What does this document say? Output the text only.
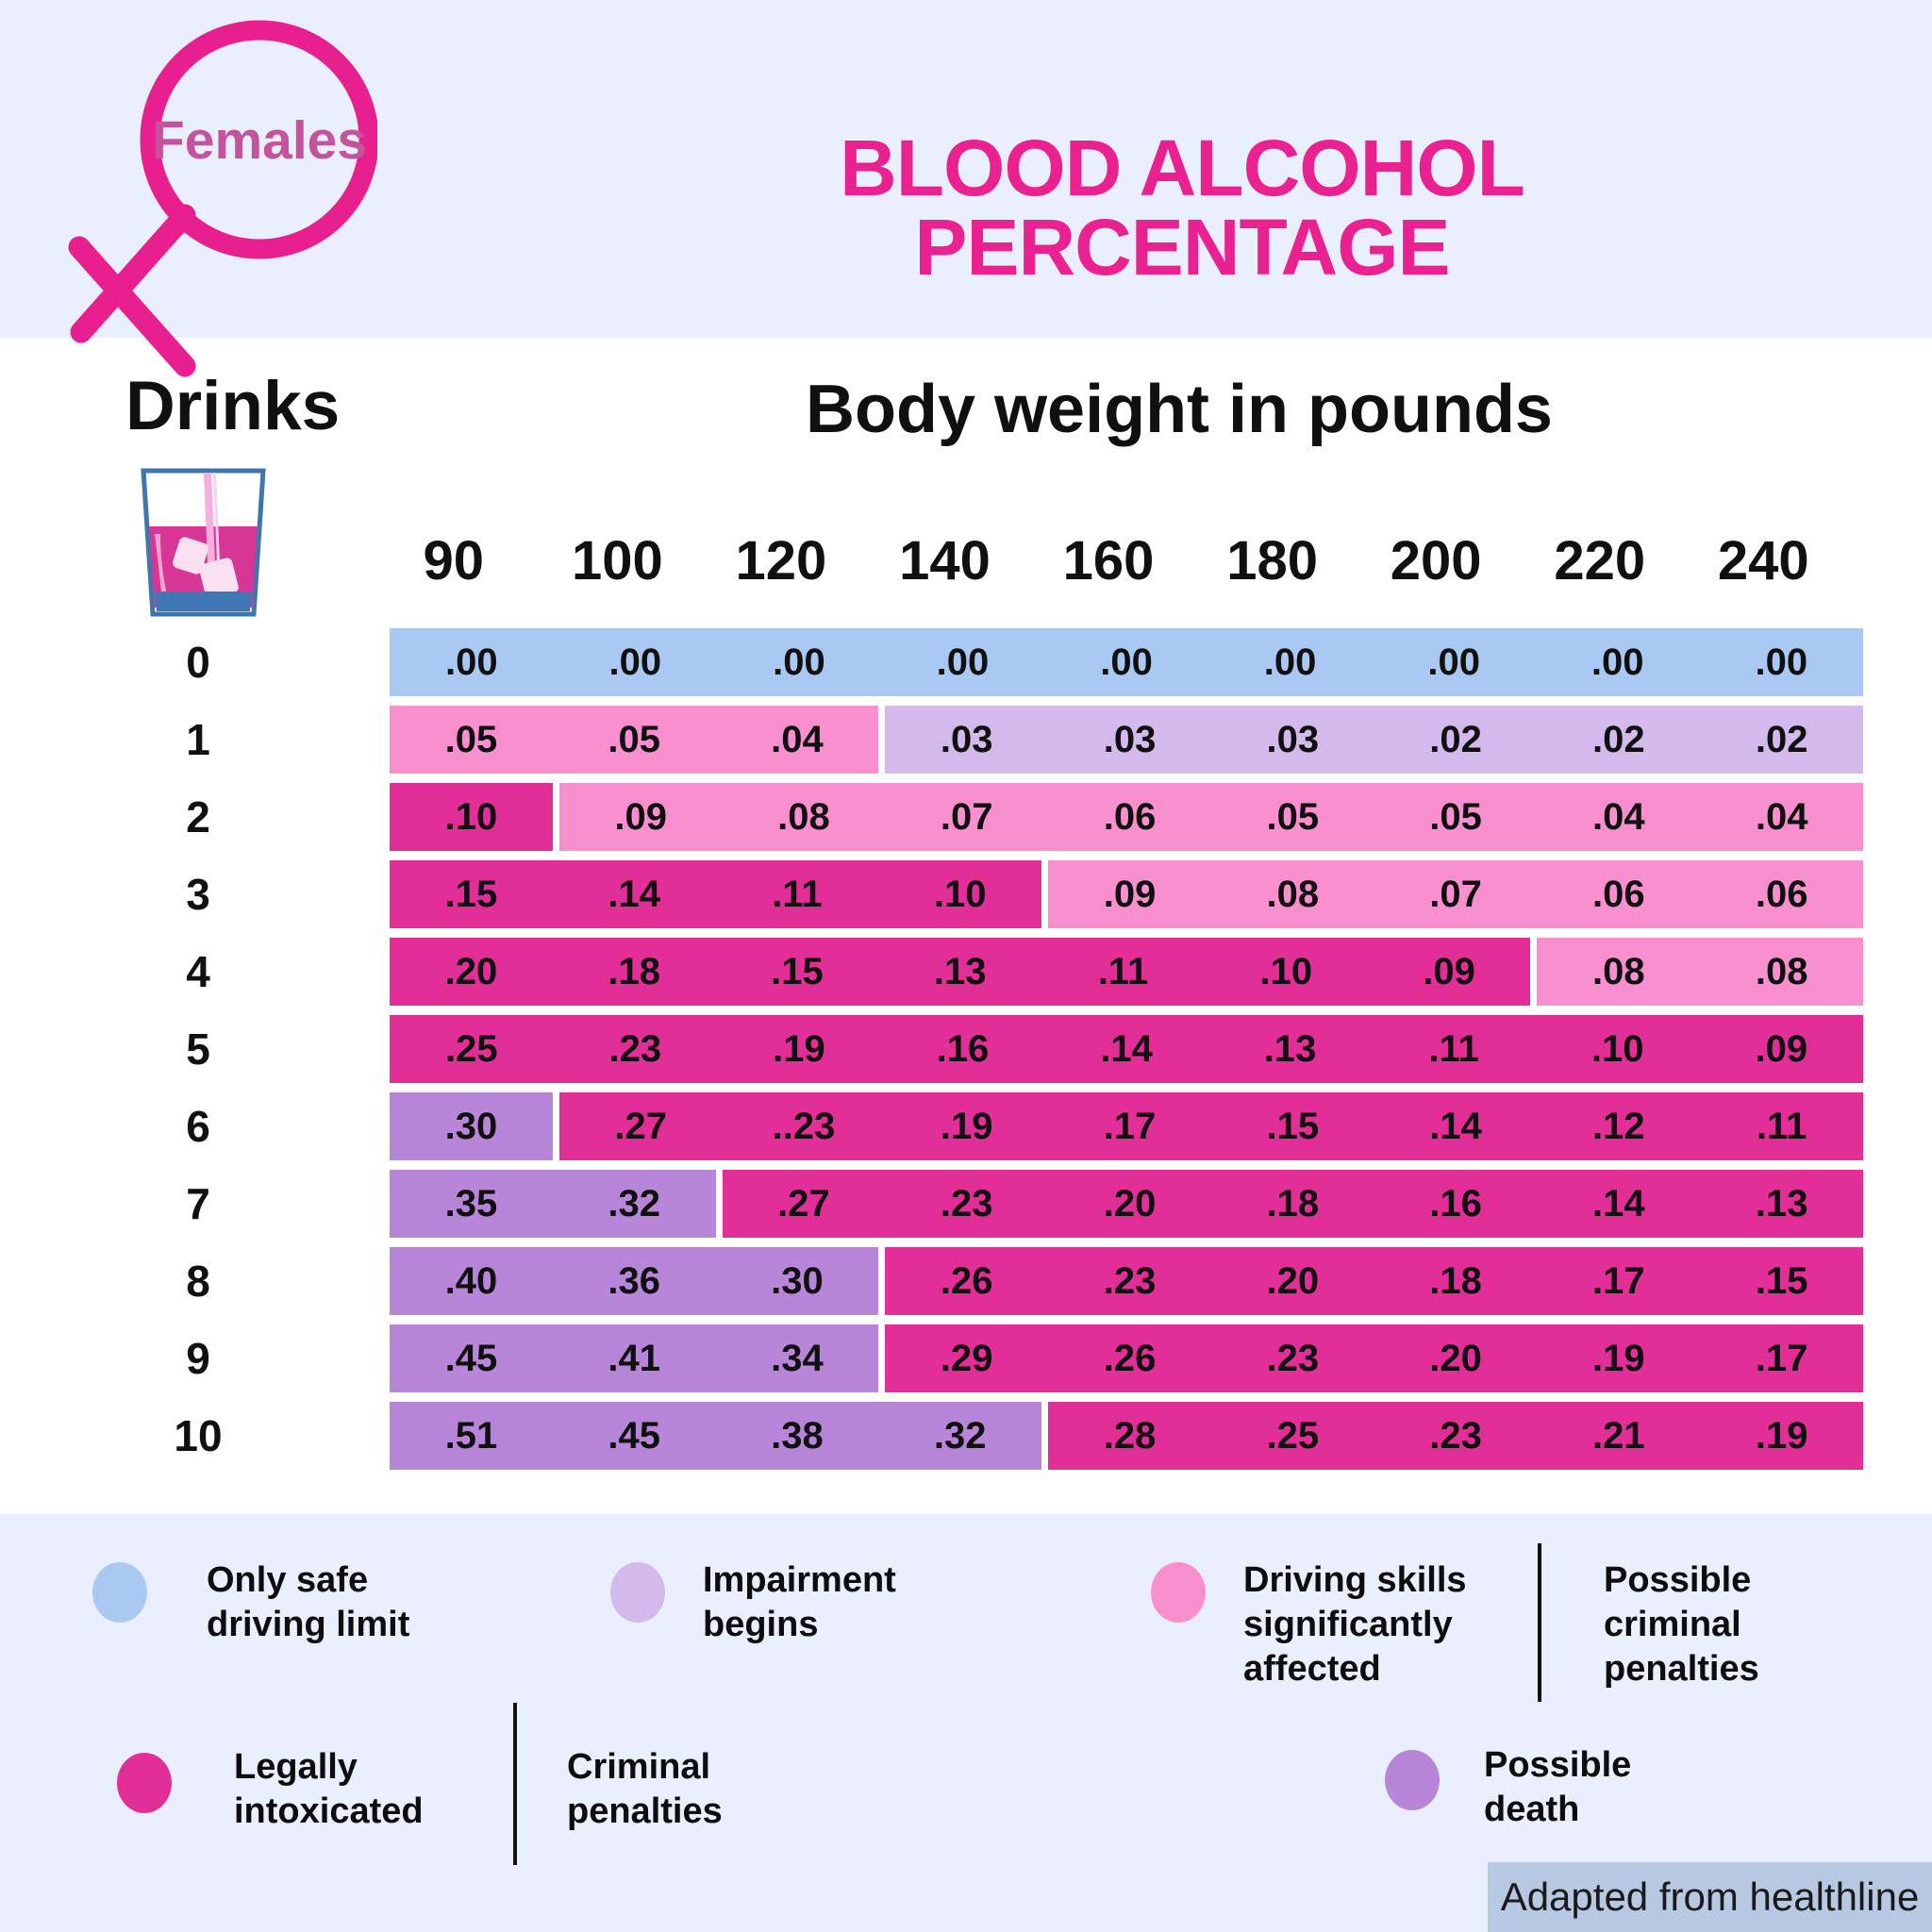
Females	BLOOD ALCOHOL PERCENTAGE
Drinks	Body weight in pounds
90	100	120	140	160	180	200	220	240
0	.00	.00	.00	.00	.00	.00	.00	.00	.00
1	.05	.05	.04	.03	.03	.03	.02	.02	.02
2	.10	.09	.08	.07	.06	.05	.05	.04	.04
3	.15	.14	.11	.10	.09	.08	.07	.06	.06
4	.20	.18	.15	.13	.11	.10	.09	.08	.08
5	.25	.23	.19	.16	.14	.13	.11	.10	.09
6	.30	.27	..23	.19	.17	.15	.14	.12	.11
7	.35	.32	.27	.23	.20	.18	.16	.14	.13
8	.40	.36	.30	.26	.23	.20	.18	.17	.15
9	.45	.41	.34	.29	.26	.23	.20	.19	.17
10	.51	.45	.38	.32	.28	.25	.23	.21	.19
Only safe driving limit
Impairment begins
Driving skills significantly affected
Possible criminal penalties
Legally intoxicated
Criminal penalties
Possible death
Adapted from healthline
